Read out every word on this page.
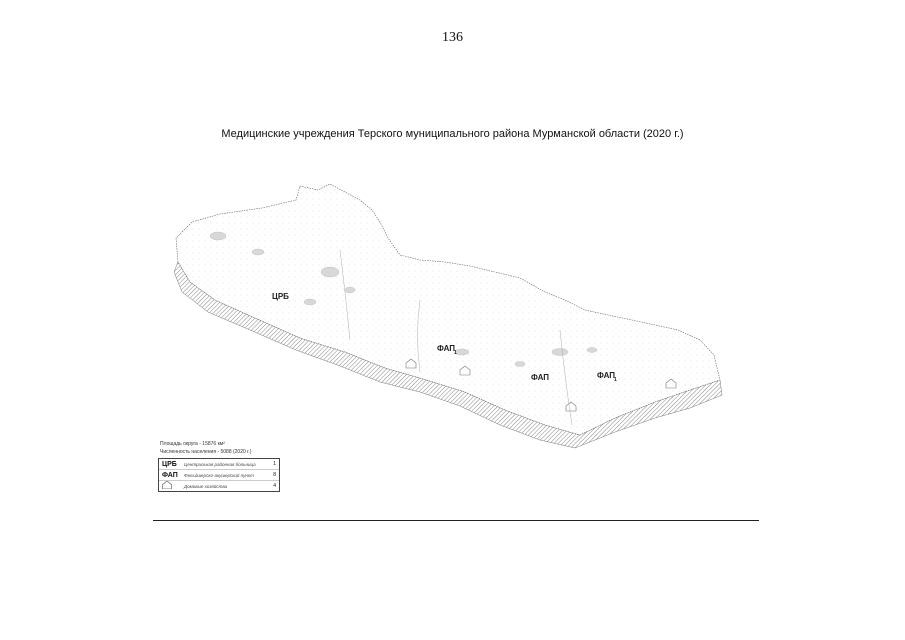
136
Медицинские учреждения Терского муниципального района Мурманской области (2020 г.)
ЦРБ
ФАП
1
ФАП	ФАП
1
Площадь округа - 15876 км²
Численность населения - 5088 (2020 г.)
ЦРБ	Центральная районная больница	1
ФАП	Фельдшерско-акушерский пункт	8
Домовые хозяйства	4
